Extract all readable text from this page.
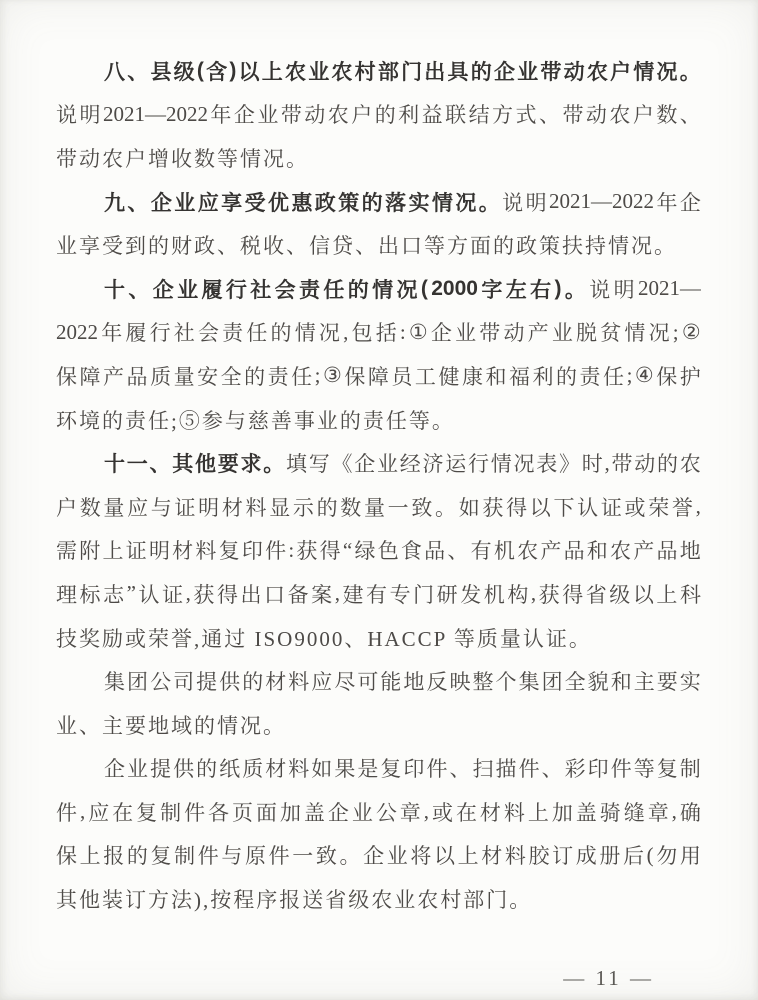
八 、 县 级 ( 含 ) 以 上 农 业 农 村 部 门 出 具 的 企 业 带 动 农 户 情 况 。
说 明 2021—2022 年 企 业 带 动 农 户 的 利 益 联 结 方 式 、 带 动 农 户 数 、
带动农户增收数等情况。
九 、 企 业 应 享 受 优 惠 政 策 的 落 实 情 况 。 说 明 2021—2022 年 企
业享受到的财政、税收、信贷、出口等方面的政策扶持情况。
十 、 企 业 履 行 社 会 责 任 的 情 况 ( 2000 字 左 右 ) 。 说 明 2021—
2022 年 履 行 社 会 责 任 的 情 况 , 包 括 : ① 企 业 带 动 产 业 脱 贫 情 况 ; ②
保 障 产 品 质 量 安 全 的 责 任 ; ③ 保 障 员 工 健 康 和 福 利 的 责 任 ; ④ 保 护
环境的责任;⑤参与慈善事业的责任等。
十 一 、 其 他 要 求 。 填 写 《 企 业 经 济 运 行 情 况 表 》 时 , 带 动 的 农
户 数 量 应 与 证 明 材 料 显 示 的 数 量 一 致 。 如 获 得 以 下 认 证 或 荣 誉 ,
需 附 上 证 明 材 料 复 印 件 : 获 得 “ 绿 色 食 品 、 有 机 农 产 品 和 农 产 品 地
理 标 志 ” 认 证 , 获 得 出 口 备 案 , 建 有 专 门 研 发 机 构 , 获 得 省 级 以 上 科
技奖励或荣誉,通过 ISO9000、HACCP 等质量认证。
集 团 公 司 提 供 的 材 料 应 尽 可 能 地 反 映 整 个 集 团 全 貌 和 主 要 实
业、主要地域的情况。
企 业 提 供 的 纸 质 材 料 如 果 是 复 印 件 、 扫 描 件 、 彩 印 件 等 复 制
件 , 应 在 复 制 件 各 页 面 加 盖 企 业 公 章 , 或 在 材 料 上 加 盖 骑 缝 章 , 确
保 上 报 的 复 制 件 与 原 件 一 致 。 企 业 将 以 上 材 料 胶 订 成 册 后 ( 勿 用
其他装订方法),按程序报送省级农业农村部门。
— 11 —
